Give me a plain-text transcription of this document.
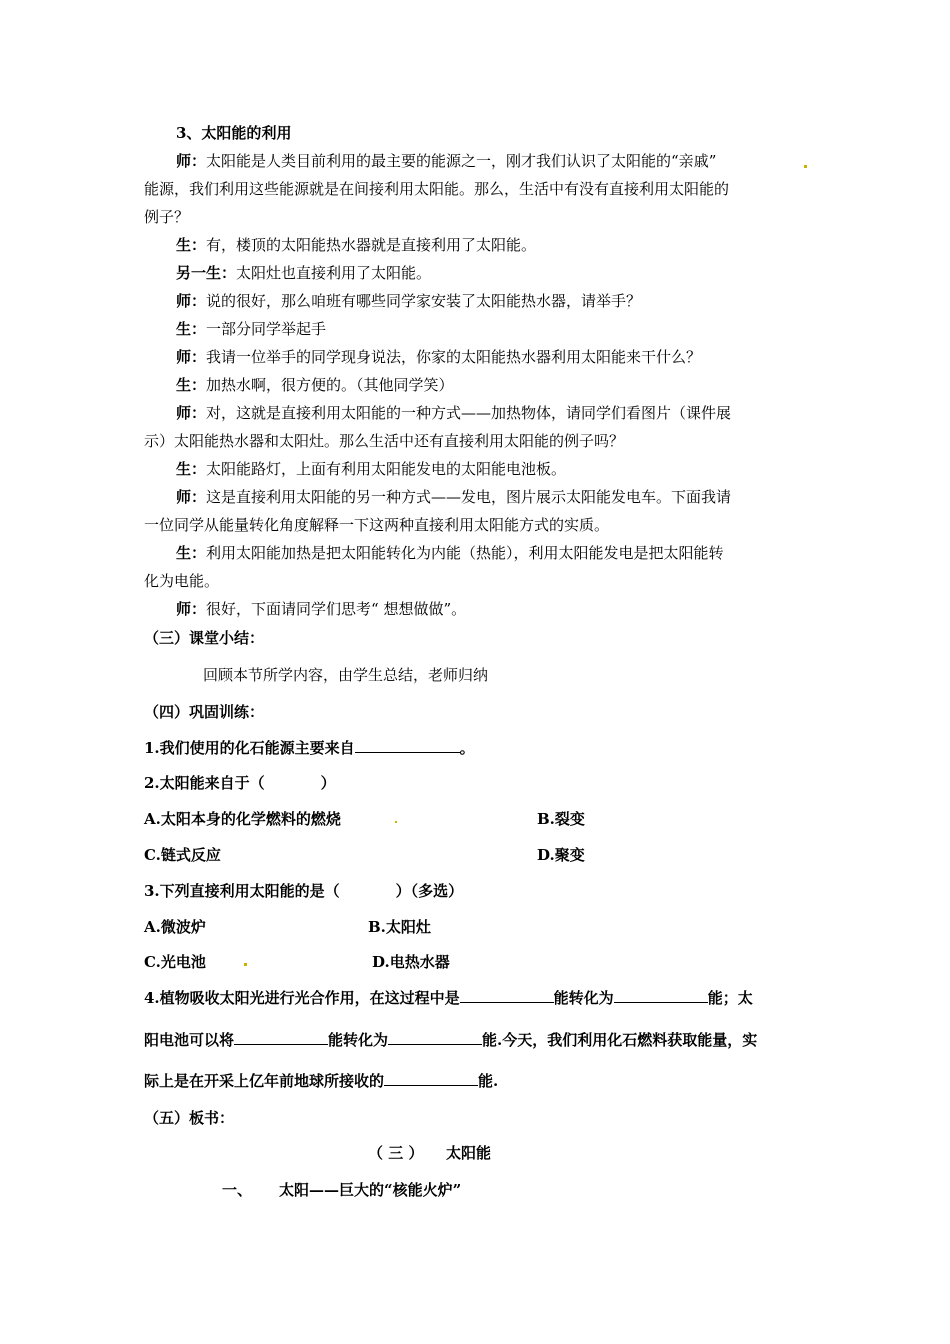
3、太阳能的利用
师：太阳能是人类目前利用的最主要的能源之一，刚才我们认识了太阳能的“亲戚”
能源，我们利用这些能源就是在间接利用太阳能。那么，生活中有没有直接利用太阳能的
例子？
生：有，楼顶的太阳能热水器就是直接利用了太阳能。
另一生：太阳灶也直接利用了太阳能。
师：说的很好，那么咱班有哪些同学家安装了太阳能热水器，请举手？
生：一部分同学举起手
师：我请一位举手的同学现身说法，你家的太阳能热水器利用太阳能来干什么？
生：加热水啊，很方便的。（其他同学笑）
师：对，这就是直接利用太阳能的一种方式——加热物体，请同学们看图片（课件展
示）太阳能热水器和太阳灶。那么生活中还有直接利用太阳能的例子吗？
生：太阳能路灯，上面有利用太阳能发电的太阳能电池板。
师：这是直接利用太阳能的另一种方式——发电，图片展示太阳能发电车。下面我请
一位同学从能量转化角度解释一下这两种直接利用太阳能方式的实质。
生：利用太阳能加热是把太阳能转化为内能（热能），利用太阳能发电是把太阳能转
化为电能。
师：很好，下面请同学们思考“ 想想做做”。
（三）课堂小结：
回顾本节所学内容，由学生总结，老师归纳
（四）巩固训练：
1.我们使用的化石能源主要来自	。
2.太阳能来自于（	）
A.太阳本身的化学燃料的燃烧	B.裂变
C.链式反应	D.聚变
3.下列直接利用太阳能的是（	）（多选）
A.微波炉	B.太阳灶
C.光电池	D.电热水器
4.植物吸收太阳光进行光合作用，在这过程中是	能转化为	能；太
阳电池可以将	能转化为	能.今天，我们利用化石燃料获取能量，实
际上是在开采上亿年前地球所接收的	能.
（五）板书：
（ 三 ） 太阳能
一、 太阳——巨大的“核能火炉”
